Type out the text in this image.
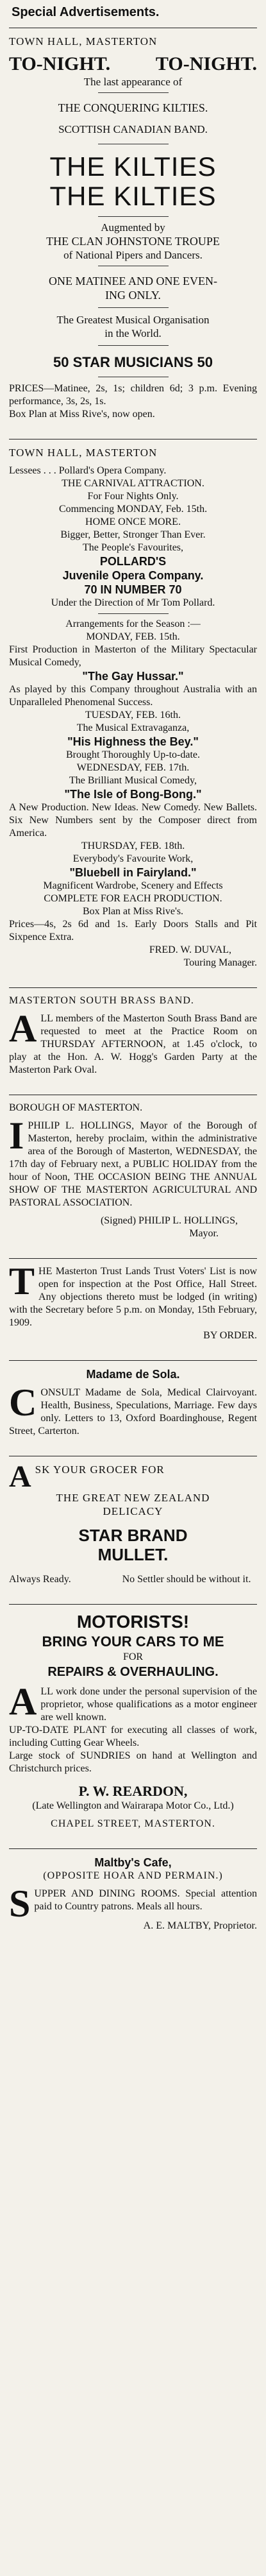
Special Advertisements.

TOWN HALL, MASTERTON

TO-NIGHT. TO-NIGHT.

The last appearance of

THE CONQUERING KILTIES.

SCOTTISH CANADIAN BAND.

THE KILTIES

THE KILTIES

Augmented by

THE CLAN JOHNSTONE TROUPE

of National Pipers and Dancers.

ONE MATINEE AND ONE EVEN-

ING ONLY.

The Greatest Musical Organisation

in the World.

50 STAR MUSICIANS 50

PRICES—Matinee, 2s, 1s; children 6d; 3 p.m. Evening performance, 3s, 2s, 1s.

Box Plan at Miss Rive's, now open.

TOWN HALL, MASTERTON

Lessees . . . Pollard's Opera Company.

THE CARNIVAL ATTRACTION.

For Four Nights Only.

Commencing MONDAY, Feb. 15th.

HOME ONCE MORE.

Bigger, Better, Stronger Than Ever.

The People's Favourites,

POLLARD'S

Juvenile Opera Company.

70 IN NUMBER 70

Under the Direction of Mr Tom Pollard.

Arrangements for the Season :—

MONDAY, FEB. 15th.

First Production in Masterton of the Military Spectacular Musical Comedy,

"The Gay Hussar."

As played by this Company throughout Australia with an Unparalleled Phenomenal Success.

TUESDAY, FEB. 16th.

The Musical Extravaganza,

"His Highness the Bey."

Brought Thoroughly Up-to-date.

WEDNESDAY, FEB. 17th.

The Brilliant Musical Comedy,

"The Isle of Bong-Bong."

A New Production. New Ideas. New Comedy. New Ballets. Six New Numbers sent by the Composer direct from America.

THURSDAY, FEB. 18th.

Everybody's Favourite Work,

"Bluebell in Fairyland."

Magnificent Wardrobe, Scenery and Effects

COMPLETE FOR EACH PRODUCTION.

Box Plan at Miss Rive's.

Prices—4s, 2s 6d and 1s. Early Doors Stalls and Pit Sixpence Extra.

FRED. W. DUVAL,

Touring Manager.

MASTERTON SOUTH BRASS BAND.

A LL members of the Masterton South Brass Band are requested to meet at the Practice Room on THURSDAY AFTERNOON, at 1.45 o'clock, to play at the Hon. A. W. Hogg's Garden Party at the Masterton Park Oval.

BOROUGH OF MASTERTON.

I PHILIP L. HOLLINGS, Mayor of the Borough of Masterton, hereby proclaim, within the administrative area of the Borough of Masterton, WEDNESDAY, the 17th day of February next, a PUBLIC HOLIDAY from the hour of Noon, THE OCCASION BEING THE ANNUAL SHOW OF THE MASTERTON AGRICULTURAL AND PASTORAL ASSOCIATION.

(Signed) PHILIP L. HOLLINGS,

Mayor.

T HE Masterton Trust Lands Trust Voters' List is now open for inspection at the Post Office, Hall Street. Any objections thereto must be lodged (in writing) with the Secretary before 5 p.m. on Monday, 15th February, 1909.

BY ORDER.

Madame de Sola.

C ONSULT Madame de Sola, Medical Clairvoyant. Health, Business, Speculations, Marriage. Few days only. Letters to 13, Oxford Boardinghouse, Regent Street, Carterton.

A SK YOUR GROCER FOR

THE GREAT NEW ZEALAND

DELICACY

STAR BRAND

MULLET.

Always Ready.	No Settler should be without it.

MOTORISTS!

BRING YOUR CARS TO ME

FOR

REPAIRS & OVERHAULING.

A LL work done under the personal supervision of the proprietor, whose qualifications as a motor engineer are well known.

UP-TO-DATE PLANT for executing all classes of work, including Cutting Gear Wheels.

Large stock of SUNDRIES on hand at Wellington and Christchurch prices.

P. W. REARDON,

(Late Wellington and Wairarapa Motor Co., Ltd.)

CHAPEL STREET, MASTERTON.

Maltby's Cafe,

(OPPOSITE HOAR AND PERMAIN.)

S UPPER AND DINING ROOMS. Special attention paid to Country patrons. Meals all hours.

A. E. MALTBY, Proprietor.
